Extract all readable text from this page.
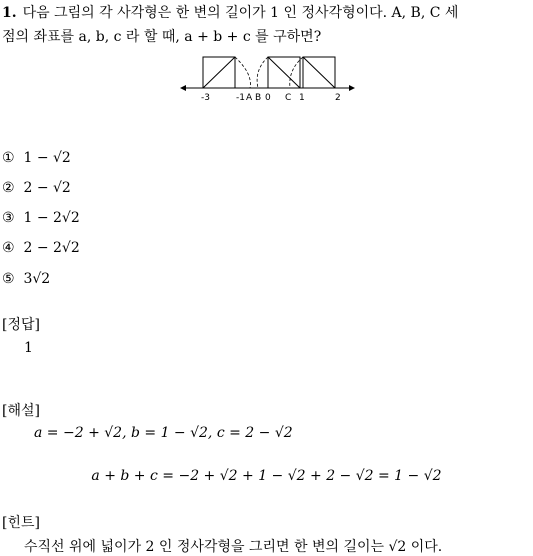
1. 다음 그림의 각 사각형은 한 변의 길이가 1 인 정사각형이다. A, B, C 세
점의 좌표를 a, b, c 라 할 때, a + b + c 를 구하면?
-3	-1 A B 0 C 1	2
① 1 − √2
② 2 − √2
③ 1 − 2√2
④ 2 − 2√2
⑤ 3√2
[정답]
1
[해설]
a = −2 + √2, b = 1 − √2, c = 2 − √2
a + b + c = −2 + √2 + 1 − √2 + 2 − √2 = 1 − √2
[힌트]
수직선 위에 넓이가 2 인 정사각형을 그리면 한 변의 길이는 √2 이다.
